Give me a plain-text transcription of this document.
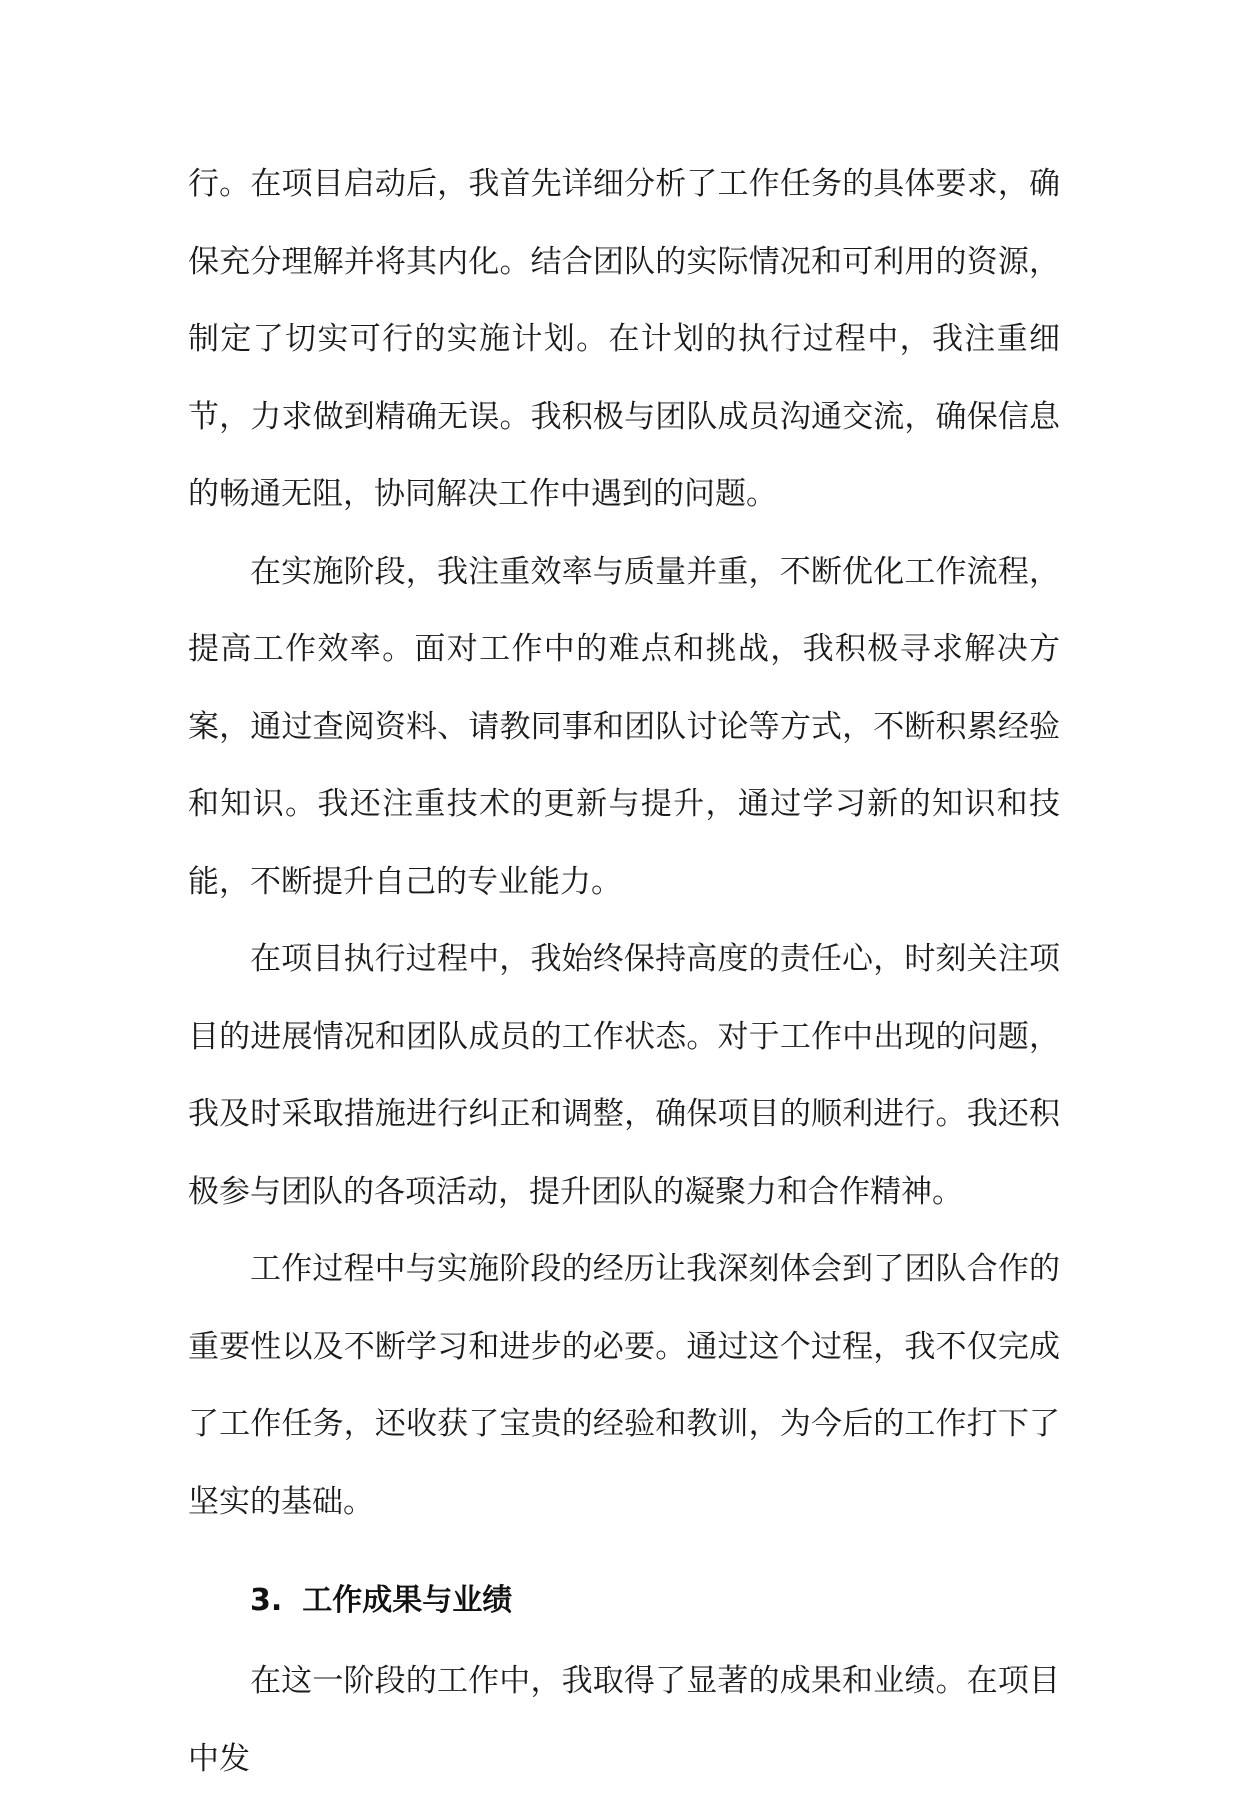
行。在项目启动后，我首先详细分析了工作任务的具体要求，确保充分理解并将其内化。结合团队的实际情况和可利用的资源，制定了切实可行的实施计划。在计划的执行过程中，我注重细节，力求做到精确无误。我积极与团队成员沟通交流，确保信息的畅通无阻，协同解决工作中遇到的问题。

在实施阶段，我注重效率与质量并重，不断优化工作流程，提高工作效率。面对工作中的难点和挑战，我积极寻求解决方案，通过查阅资料、请教同事和团队讨论等方式，不断积累经验和知识。我还注重技术的更新与提升，通过学习新的知识和技能，不断提升自己的专业能力。

在项目执行过程中，我始终保持高度的责任心，时刻关注项目的进展情况和团队成员的工作状态。对于工作中出现的问题，我及时采取措施进行纠正和调整，确保项目的顺利进行。我还积极参与团队的各项活动，提升团队的凝聚力和合作精神。

工作过程中与实施阶段的经历让我深刻体会到了团队合作的重要性以及不断学习和进步的必要。通过这个过程，我不仅完成了工作任务，还收获了宝贵的经验和教训，为今后的工作打下了坚实的基础。

3. 工作成果与业绩

在这一阶段的工作中，我取得了显著的成果和业绩。在项目中发
